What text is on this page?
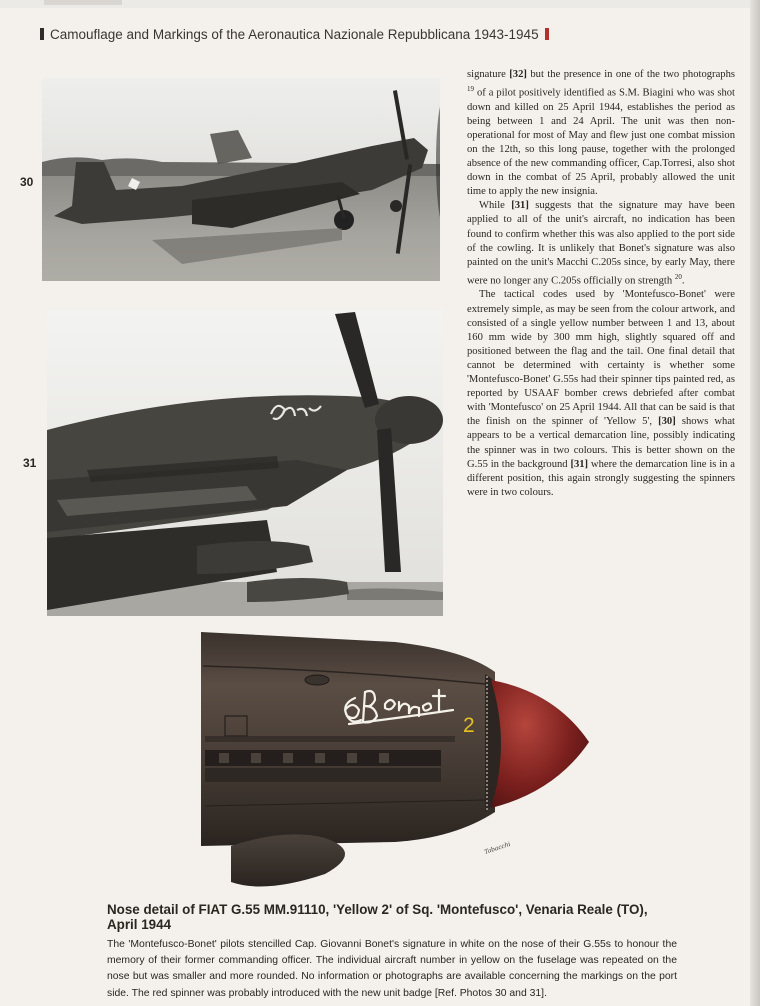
Camouflage and Markings of the Aeronautica Nazionale Repubblicana 1943-1945
30
31

signature [32] but the presence in one of the two photographs $^{19}$ of a pilot positively identified as S.M. Biagini who was shot down and killed on 25 April 1944, establishes the period as being between 1 and 24 April. The unit was then non-operational for most of May and flew just one combat mission on the 12th, so this long pause, together with the prolonged absence of the new commanding officer, Cap.Torresi, also shot down in the combat of 25 April, probably allowed the unit time to apply the new insignia.

While [31] suggests that the signature may have been applied to all of the unit's aircraft, no indication has been found to confirm whether this was also applied to the port side of the cowling. It is unlikely that Bonet's signature was also painted on the unit's Macchi C.205s since, by early May, there were no longer any C.205s officially on strength $^{20}$.

The tactical codes used by 'Montefusco-Bonet' were extremely simple, as may be seen from the colour artwork, and consisted of a single yellow number between 1 and 13, about 160 mm wide by 300 mm high, slightly squared off and positioned between the flag and the tail. One final detail that cannot be determined with certainty is whether some 'Montefusco-Bonet' G.55s had their spinner tips painted red, as reported by USAAF bomber crews debriefed after combat with 'Montefusco' on 25 April 1944. All that can be said is that the finish on the spinner of 'Yellow 5', [30] shows what appears to be a vertical demarcation line, possibly indicating the spinner was in two colours. This is better shown on the G.55 in the background [31] where the demarcation line is in a different position, this again strongly suggesting the spinners were in two colours.

2
Tabacchi
Nose detail of FIAT G.55 MM.91110, 'Yellow 2' of Sq. 'Montefusco', Venaria Reale (TO), April 1944

The 'Montefusco-Bonet' pilots stencilled Cap. Giovanni Bonet's signature in white on the nose of their G.55s to honour the memory of their former commanding officer. The individual aircraft number in yellow on the fuselage was repeated on the nose but was smaller and more rounded. No information or photographs are available concerning the markings on the port side. The red spinner was probably introduced with the new unit badge [Ref. Photos 30 and 31].
